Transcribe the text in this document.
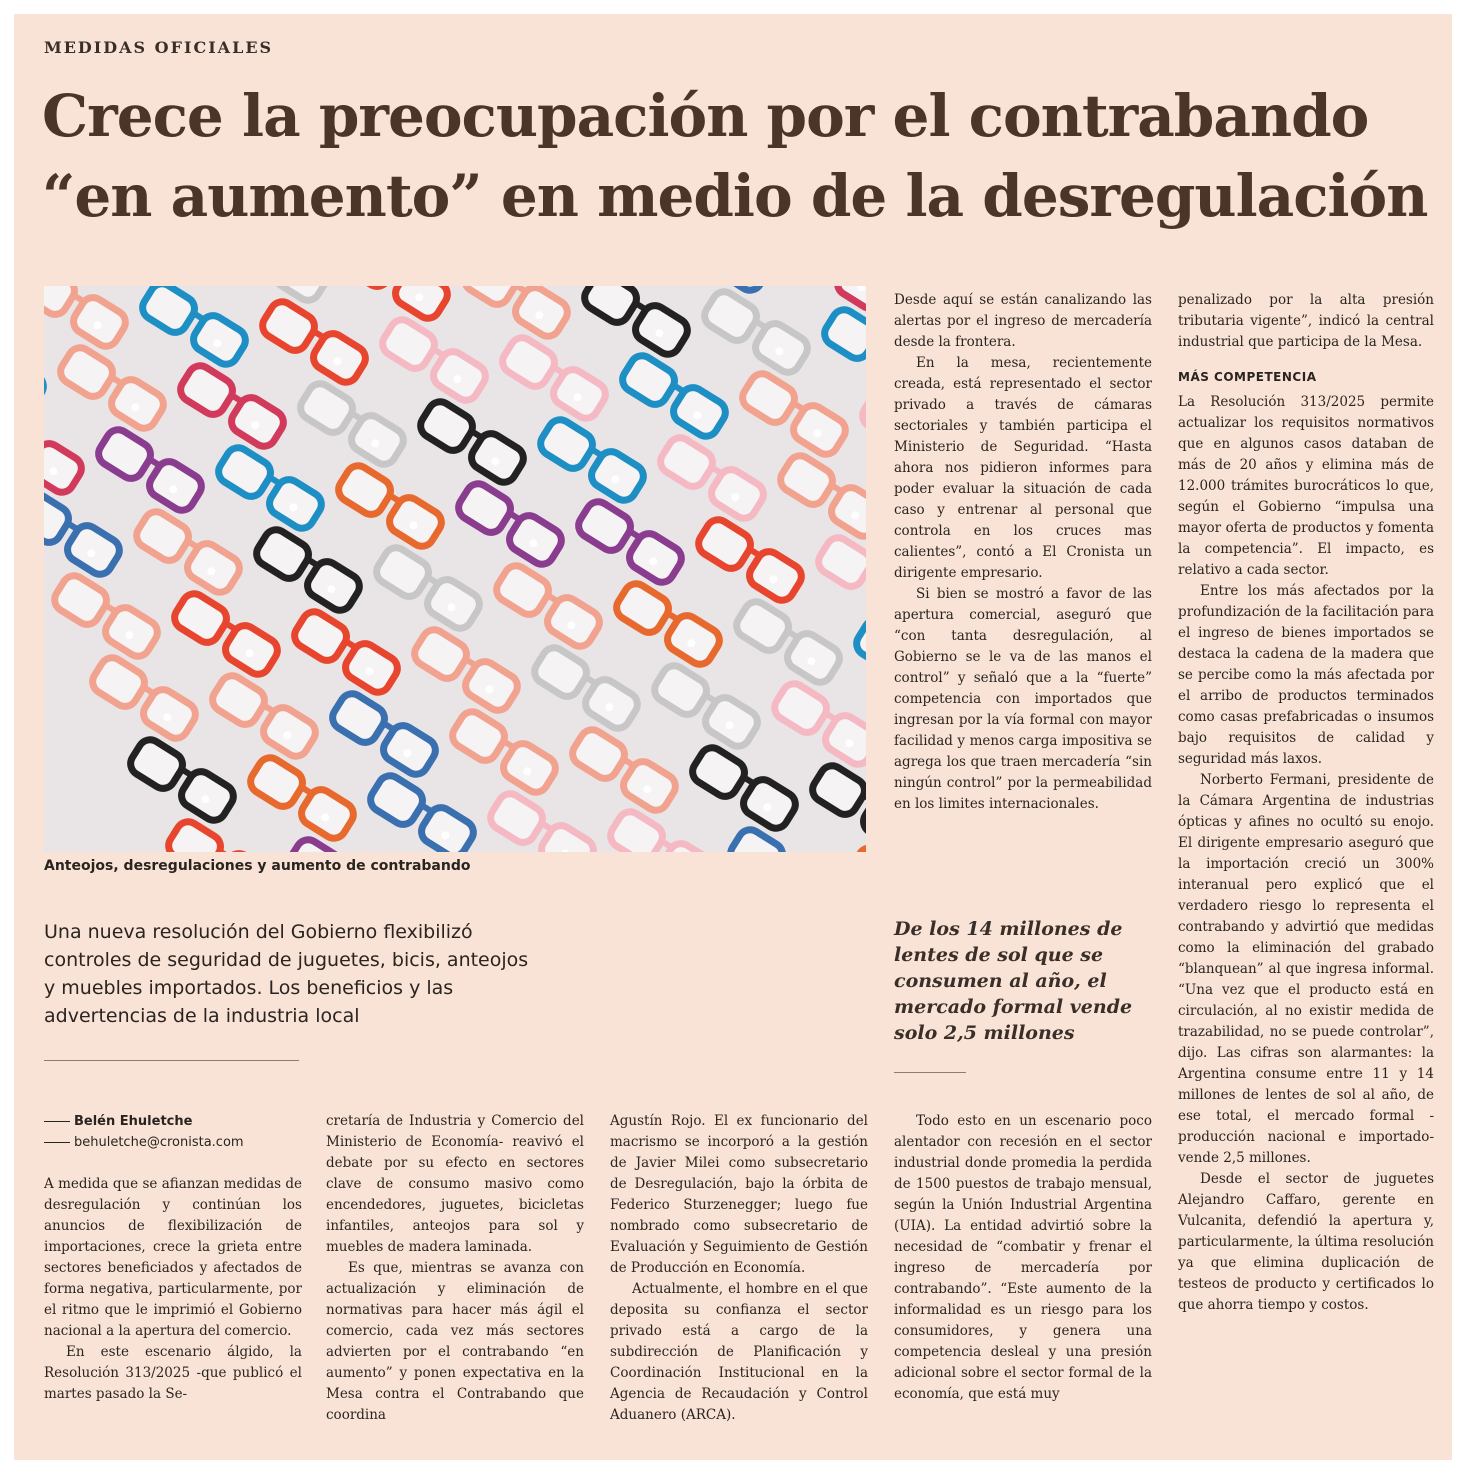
MEDIDAS OFICIALES
Crece la preocupación por el contrabando
“en aumento” en medio de la desregulación
Anteojos, desregulaciones y aumento de contrabando
Una nueva resolución del Gobierno flexibilizó controles de seguridad de juguetes, bicis, anteojos y muebles importados. Los beneficios y las advertencias de la industria local
Belén Ehuletche
behuletche@cronista.com

A medida que se afianzan medidas de desregulación y continúan los anuncios de flexibilización de importaciones, crece la grieta entre sectores beneficiados y afectados de forma negativa, particularmente, por el ritmo que le imprimió el Gobierno nacional a la apertura del comercio.

En este escenario álgido, la Resolución 313/2025 -que publicó el martes pasado la Se-

cretaría de Industria y Comercio del Ministerio de Economía- reavivó el debate por su efecto en sectores clave de consumo masivo como encendedores, juguetes, bicicletas infantiles, anteojos para sol y muebles de madera laminada.

Es que, mientras se avanza con actualización y eliminación de normativas para hacer más ágil el comercio, cada vez más sectores advierten por el contrabando “en aumento” y ponen expectativa en la Mesa contra el Contrabando que coordina

Agustín Rojo. El ex funcionario del macrismo se incorporó a la gestión de Javier Milei como subsecretario de Desregulación, bajo la órbita de Federico Sturzenegger; luego fue nombrado como subsecretario de Evaluación y Seguimiento de Gestión de Producción en Economía.

Actualmente, el hombre en el que deposita su confianza el sector privado está a cargo de la subdirección de Planificación y Coordinación Institucional en la Agencia de Recaudación y Control Aduanero (ARCA).

Desde aquí se están canalizando las alertas por el ingreso de mercadería desde la frontera.

En la mesa, recientemente creada, está representado el sector privado a través de cámaras sectoriales y también participa el Ministerio de Seguridad. “Hasta ahora nos pidieron informes para poder evaluar la situación de cada caso y entrenar al personal que controla en los cruces mas calientes”, contó a El Cronista un dirigente empresario.

Si bien se mostró a favor de las apertura comercial, aseguró que “con tanta desregulación, al Gobierno se le va de las manos el control” y señaló que a la “fuerte” competencia con importados que ingresan por la vía formal con mayor facilidad y menos carga impositiva se agrega los que traen mercadería “sin ningún control” por la permeabilidad en los limites internacionales.

De los 14 millones de lentes de sol que se consumen al año, el mercado formal vende solo 2,5 millones

Todo esto en un escenario poco alentador con recesión en el sector industrial donde promedia la perdida de 1500 puestos de trabajo mensual, según la Unión Industrial Argentina (UIA). La entidad advirtió sobre la necesidad de “combatir y frenar el ingreso de mercadería por contrabando”. “Este aumento de la informalidad es un riesgo para los consumidores, y genera una competencia desleal y una presión adicional sobre el sector formal de la economía, que está muy

penalizado por la alta presión tributaria vigente”, indicó la central industrial que participa de la Mesa.

MÁS COMPETENCIA

La Resolución 313/2025 permite actualizar los requisitos normativos que en algunos casos databan de más de 20 años y elimina más de 12.000 trámites burocráticos lo que, según el Gobierno “impulsa una mayor oferta de productos y fomenta la competencia”. El impacto, es relativo a cada sector.

Entre los más afectados por la profundización de la facilitación para el ingreso de bienes importados se destaca la cadena de la madera que se percibe como la más afectada por el arribo de productos terminados como casas prefabricadas o insumos bajo requisitos de calidad y seguridad más laxos.

Norberto Fermani, presidente de la Cámara Argentina de industrias ópticas y afines no ocultó su enojo. El dirigente empresario aseguró que la importación creció un 300% interanual pero explicó que el verdadero riesgo lo representa el contrabando y advirtió que medidas como la eliminación del grabado “blanquean” al que ingresa informal. “Una vez que el producto está en circulación, al no existir medida de trazabilidad, no se puede controlar”, dijo. Las cifras son alarmantes: la Argentina consume entre 11 y 14 millones de lentes de sol al año, de ese total, el mercado formal -producción nacional e importado- vende 2,5 millones.

Desde el sector de juguetes Alejandro Caffaro, gerente en Vulcanita, defendió la apertura y, particularmente, la última resolución ya que elimina duplicación de testeos de producto y certificados lo que ahorra tiempo y costos.
